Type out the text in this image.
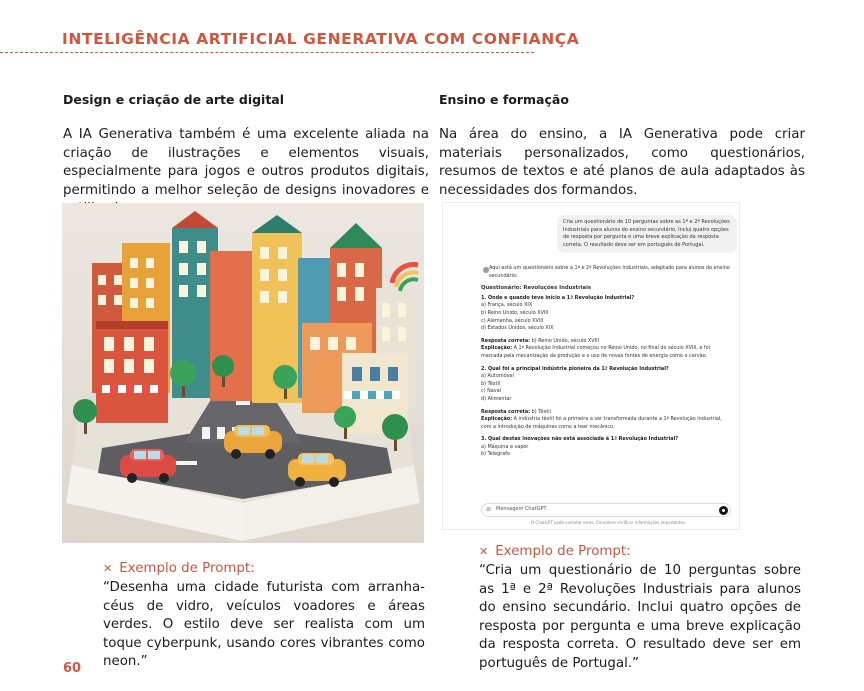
INTELIGÊNCIA ARTIFICIAL GENERATIVA COM CONFIANÇA

Design e criação de arte digital

A IA Generativa também é uma excelente aliada na criação de ilustrações e elementos visuais, especialmente para jogos e outros produtos digitais, permitindo a melhor seleção de designs inovadores e

Ensino e formação

Na área do ensino, a IA Generativa pode criar materiais personalizados, como questionários, resumos de textos e até planos de aula adaptados às necessidades dos formandos.

Cria um questionário de 10 perguntas sobre as 1ª e 2ª Revoluções Industriais para alunos do ensino secundário. Inclui quatro opções de resposta por pergunta e uma breve explicação da resposta correta. O resultado deve ser em português de Portugal.
Aqui está um questionário sobre a 1ª e 2ª Revoluções Industriais, adaptado para alunos do ensino secundário:
Questionário: Revoluções Industriais
1. Onde e quando teve início a 1ª Revolução Industrial?
a) França, século XIX
b) Reino Unido, século XVIII
c) Alemanha, século XVIII
d) Estados Unidos, século XIX
Resposta correta: b) Reino Unido, século XVIII
Explicação: A 1ª Revolução Industrial começou no Reino Unido, no final do século XVIII, e foi marcada pela mecanização da produção e o uso de novas fontes de energia como o carvão.
2. Qual foi a principal indústria pioneira da 1ª Revolução Industrial?
a) Automóvel
b) Têxtil
c) Naval
d) Alimentar
Resposta correta: b) Têxtil
Explicação: A indústria têxtil foi a primeira a ser transformada durante a 1ª Revolução Industrial, com a introdução de máquinas como a tear mecânico.
3. Qual destas inovações não está associada à 1ª Revolução Industrial?
a) Máquina a vapor
b) Telégrafo
⊘ Mensagem ChatGPT
O ChatGPT pode cometer erros. Considere verificar informações importantes.
✕ Exemplo de Prompt:
“Desenha uma cidade futurista com arranha-céus de vidro, veículos voadores e áreas verdes. O estilo deve ser realista com um toque cyberpunk, usando cores vibrantes como neon.”
✕ Exemplo de Prompt:
“Cria um questionário de 10 perguntas sobre as 1ª e 2ª Revoluções Industriais para alunos do ensino secundário. Inclui quatro opções de resposta por pergunta e uma breve explicação da resposta correta. O resultado deve ser em português de Portugal.”
60
